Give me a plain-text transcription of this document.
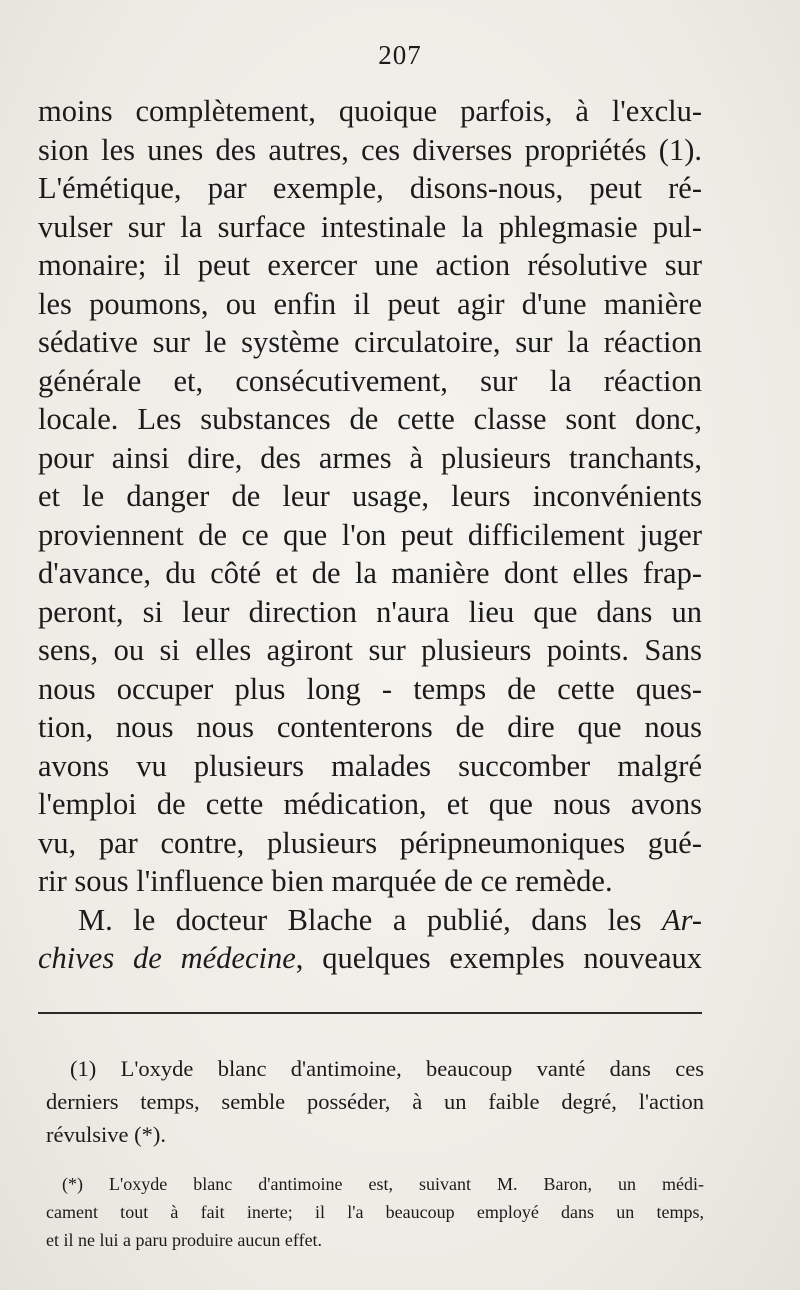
207
moins complètement, quoique parfois, à l'exclu-
sion les unes des autres, ces diverses propriétés (1).
L'émétique, par exemple, disons-nous, peut ré-
vulser sur la surface intestinale la phlegmasie pul-
monaire; il peut exercer une action résolutive sur
les poumons, ou enfin il peut agir d'une manière
sédative sur le système circulatoire, sur la réaction
générale et, consécutivement, sur la réaction
locale. Les substances de cette classe sont donc,
pour ainsi dire, des armes à plusieurs tranchants,
et le danger de leur usage, leurs inconvénients
proviennent de ce que l'on peut difficilement juger
d'avance, du côté et de la manière dont elles frap-
peront, si leur direction n'aura lieu que dans un
sens, ou si elles agiront sur plusieurs points. Sans
nous occuper plus long - temps de cette ques-
tion, nous nous contenterons de dire que nous
avons vu plusieurs malades succomber malgré
l'emploi de cette médication, et que nous avons
vu, par contre, plusieurs péripneumoniques gué-
rir sous l'influence bien marquée de ce remède.
M. le docteur Blache a publié, dans les Ar-
chives de médecine, quelques exemples nouveaux
(1) L'oxyde blanc d'antimoine, beaucoup vanté dans ces
derniers temps, semble posséder, à un faible degré, l'action
révulsive (*).
(*) L'oxyde blanc d'antimoine est, suivant M. Baron, un médi-
cament tout à fait inerte; il l'a beaucoup employé dans un temps,
et il ne lui a paru produire aucun effet.
